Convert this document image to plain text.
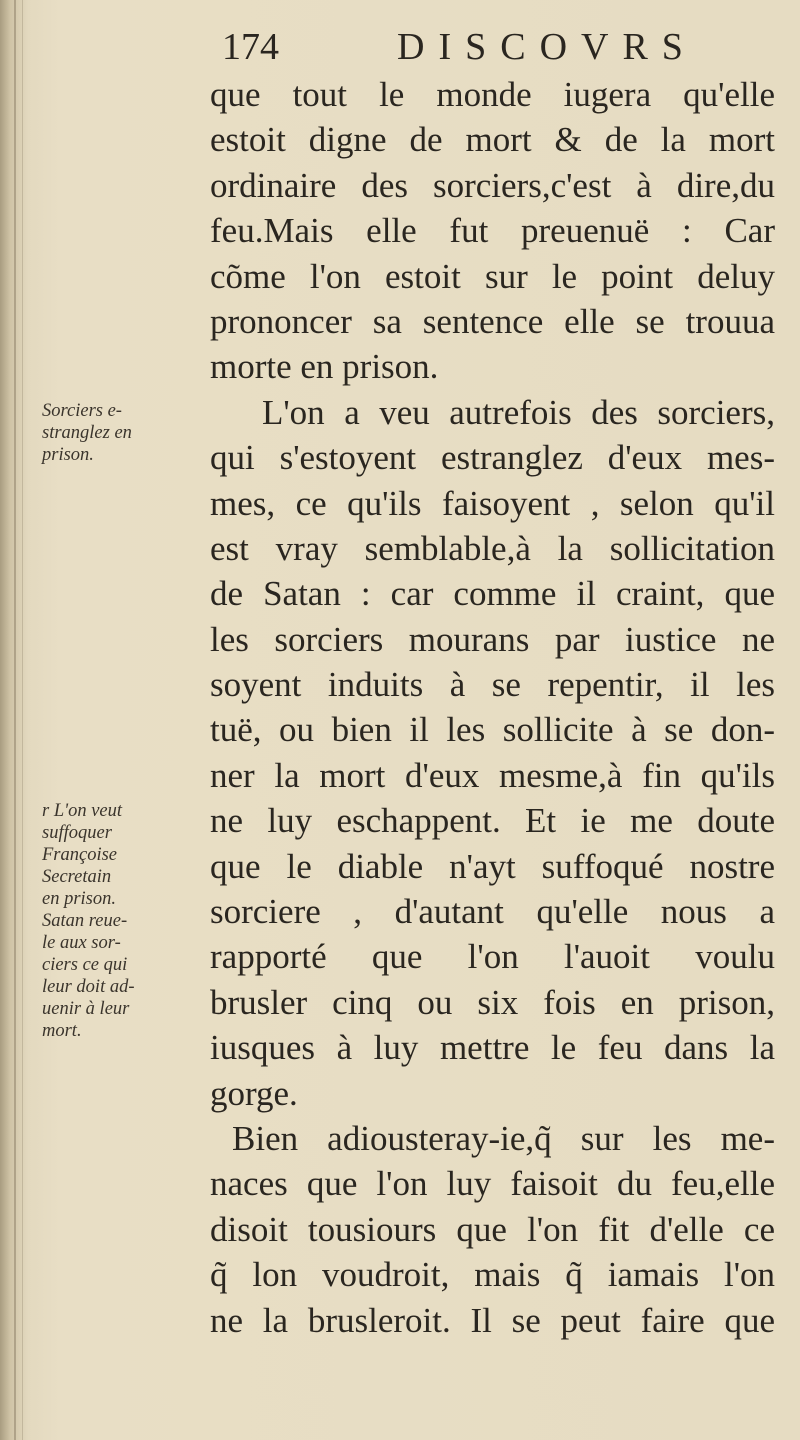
174	DISCOVRS
que tout le monde iugera qu'elle
estoit digne de mort & de la mort
ordinaire des sorciers,c'est à dire,du
feu.Mais elle fut preuenuë : Car
cõme l'on estoit sur le point deluy
prononcer sa sentence elle se trouua
morte en prison.
L'on a veu autrefois des sorciers,
qui s'estoyent estranglez d'eux mes-
mes, ce qu'ils faisoyent , selon qu'il
est vray semblable,à la sollicitation
de Satan : car comme il craint, que
les sorciers mourans par iustice ne
soyent induits à se repentir, il les
tuë, ou bien il les sollicite à se don-
ner la mort d'eux mesme,à fin qu'ils
ne luy eschappent. Et ie me doute
que le diable n'ayt suffoqué nostre
sorciere , d'autant qu'elle nous a
rapporté que l'on l'auoit voulu
brusler cinq ou six fois en prison,
iusques à luy mettre le feu dans la
gorge.
Bien adiousteray-ie,q̃ sur les me-
naces que l'on luy faisoit du feu,elle
disoit tousiours que l'on fit d'elle ce
q̃ lon voudroit, mais q̃ iamais l'on
ne la brusleroit. Il se peut faire que
Sorciers e-
stranglez en
prison.
r L'on veut
suffoquer
Françoise
Secretain
en prison.
Satan reue-
le aux sor-
ciers ce qui
leur doit ad-
uenir à leur
mort.
